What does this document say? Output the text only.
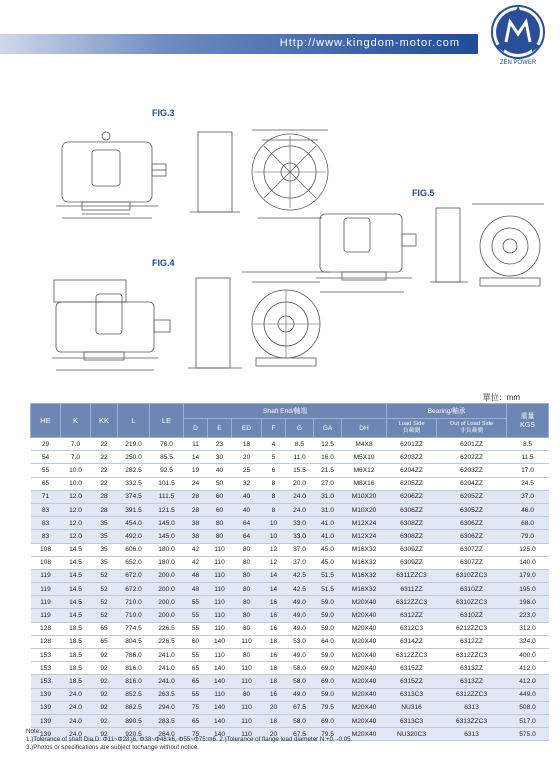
Http://www.kingdom-motor.com
ZEN POWER
FIG.3
FIG.4
FIG.5
單位：mm
HE	K	KK	L	LE	Shaft End/軸端							Bearing/軸承		重量
KGS
					D	E	ED	F	G	GA	DH	Load Side
負載側	Out of Load Side
非負載側	
29	7.0	22	219.0	76.0	11	23	18	4	8.5	12.5	M4X8	6201ZZ	6201ZZ	8.5
54	7.0	22	250.0	85.5	14	30	20	5	11.0	16.0	M5X10	6203ZZ	6202ZZ	11.5
55	10.0	22	282.5	92.5	19	40	25	6	15.5	21.5	M6X12	6204ZZ	6203ZZ	17.0
65	10.0	22	332.5	101.5	24	50	32	8	20.0	27.0	M8X16	6205ZZ	6204ZZ	24.5
71	12.0	28	374.5	111.5	28	60	40	8	24.0	31.0	M10X20	6206ZZ	6205ZZ	37.0
83	12.0	28	391.5	121.5	28	60	40	8	24.0	31.0	M10X20	6306ZZ	6305ZZ	46.0
83	12.0	35	454.0	145.0	38	80	64	10	33.0	41.0	M12X24	6308ZZ	6306ZZ	68.0
83	12.0	35	492.0	145.0	38	80	64	10	33.0	41.0	M12X24	6308ZZ	6306ZZ	79.0
108	14.5	35	606.0	180.0	42	110	80	12	37.0	45.0	M16X32	6309ZZ	6307ZZ	125.0
108	14.5	35	652.0	180.0	42	110	80	12	37.0	45.0	M16X32	6309ZZ	6307ZZ	140.0
119	14.5	52	672.0	200.0	48	110	80	14	42.5	51.5	M16X32	6311ZZC3	6310ZZC3	179.0
119	14.5	52	672.0	200.0	48	110	80	14	42.5	51.5	M16X32	6311ZZ	6310ZZ	195.0
119	14.5	52	710.0	200.0	55	110	80	16	49.0	59.0	M20X40	6312ZZC3	6310ZZC3	198.0
119	14.5	52	710.0	200.0	55	110	80	16	49.0	59.0	M20X40	6312ZZ	6310ZZ	223.0
128	18.5	65	774.5	226.5	55	110	80	16	49.0	59.0	M20X40	6312C3	6212ZZC3	312.0
128	18.5	65	804.5	226.5	60	140	110	18	53.0	64.0	M20X40	6314ZZ	6312ZZ	324.0
153	18.5	92	786.0	241.0	55	110	80	16	49.0	59.0	M20X40	6312ZZC3	6312ZZC3	400.0
153	18.5	92	816.0	241.0	65	140	110	18	58.0	69.0	M20X40	6315ZZ	6313ZZ	412.0
153	18.5	92	816.0	241.0	65	140	110	18	58.0	69.0	M20X40	6315ZZ	6313ZZ	412.0
139	24.0	92	852.5	263.5	55	110	80	16	49.0	59.0	M20X40	6313C3	6312ZZC3	449.0
139	24.0	92	882.5	294.0	75	140	110	20	67.5	79.5	M20X40	NU316	6313	508.0
139	24.0	92	890.5	283.5	65	140	110	18	58.0	69.0	M20X40	6313C3	6313ZZC3	517.0
139	24.0	92	920.5	264.0	75	140	110	20	67.5	79.5	M20X40	NU320C3	6313	575.0
Note:
1.)Tolerance of shaft Dia.D: Φ11~Φ28:j6, Φ38~Φ48:k6, Φ55~Φ75:m6. 2.)Tolerance of flange lead diameter N:+0, -0.05.
3.)Photos or specifications are subject tochange without notice.
